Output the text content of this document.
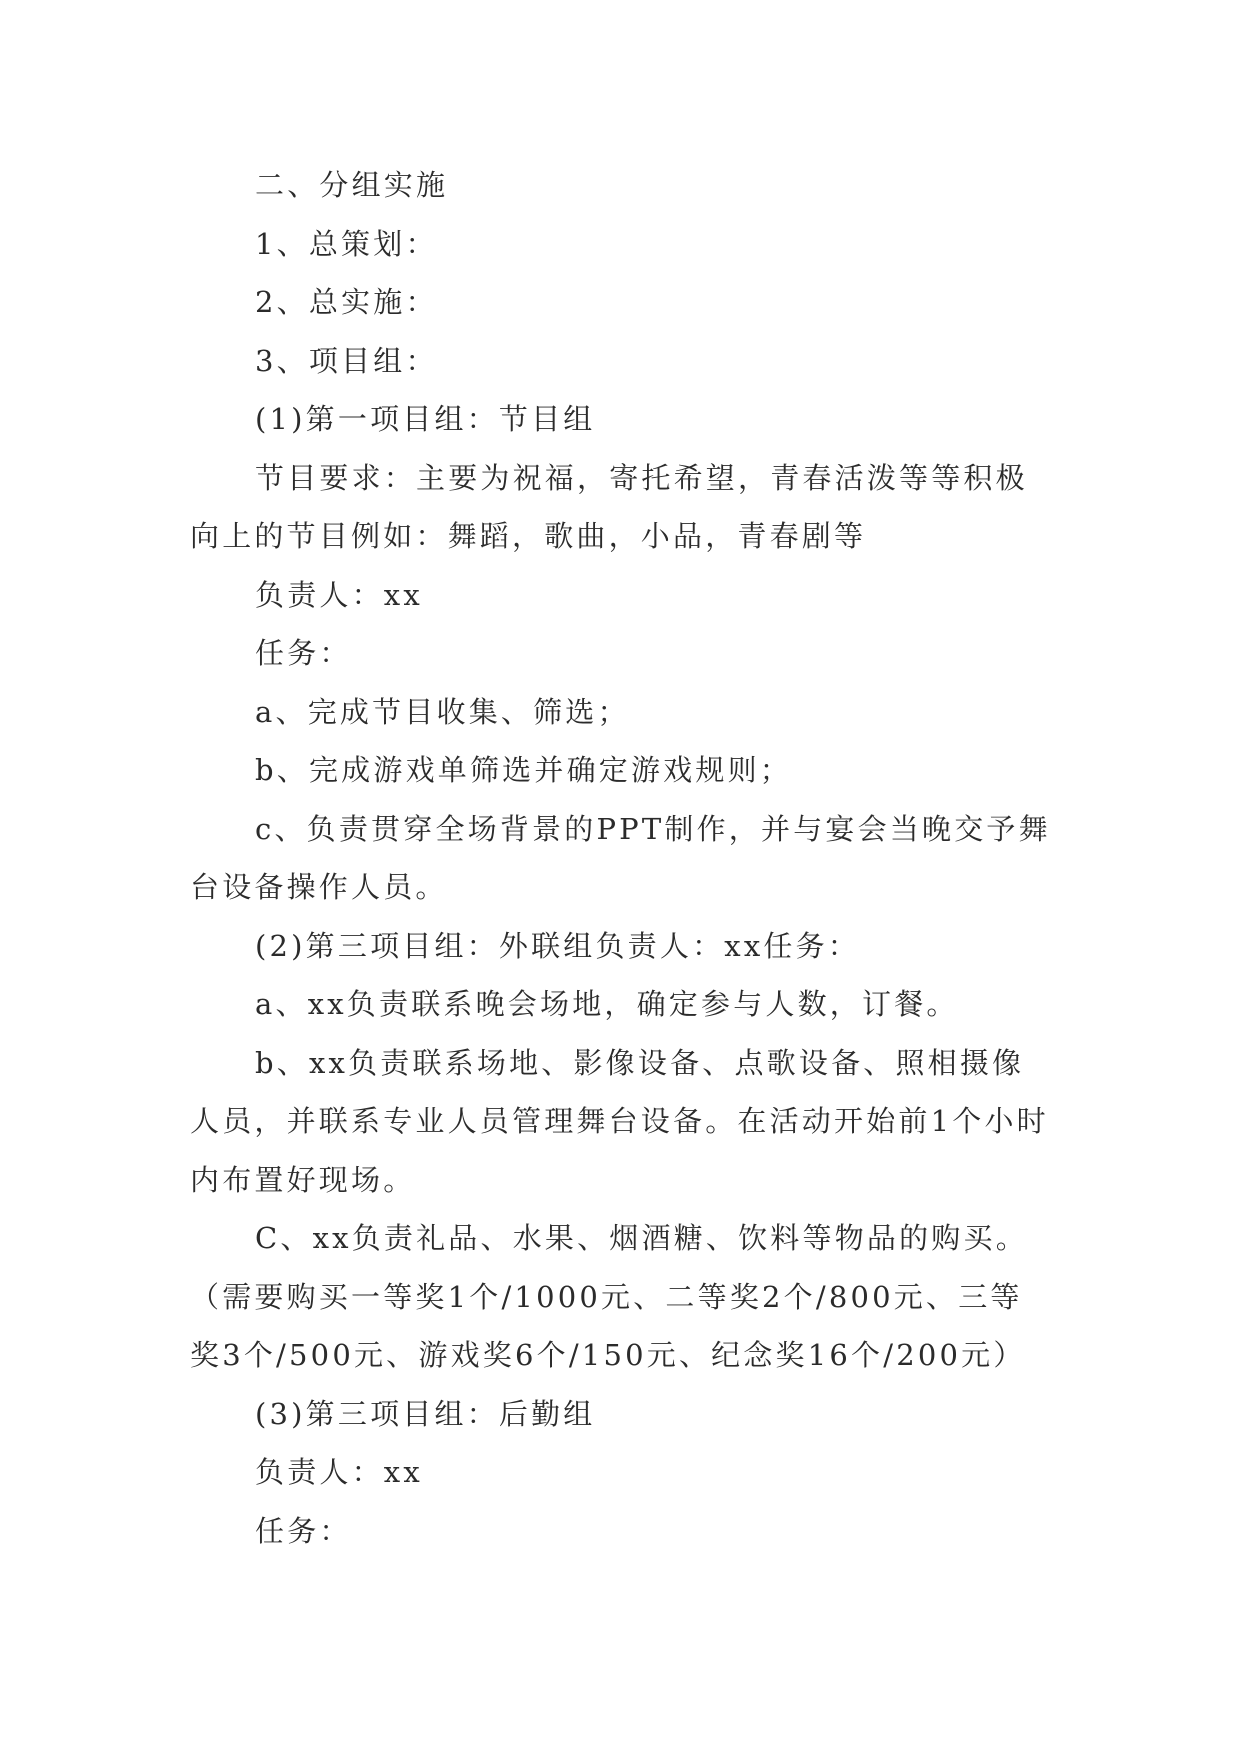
二、分组实施

1、总策划：

2、总实施：

3、项目组：

(1)第一项目组：节目组

节目要求：主要为祝福，寄托希望，青春活泼等等积极向上的节目例如：舞蹈，歌曲，小品，青春剧等

负责人：xx

任务：

a、完成节目收集、筛选；

b、完成游戏单筛选并确定游戏规则；

c、负责贯穿全场背景的PPT制作，并与宴会当晚交予舞台设备操作人员。

(2)第三项目组：外联组负责人：xx任务：

a、xx负责联系晚会场地，确定参与人数，订餐。

b、xx负责联系场地、影像设备、点歌设备、照相摄像人员，并联系专业人员管理舞台设备。在活动开始前1个小时内布置好现场。

C、xx负责礼品、水果、烟酒糖、饮料等物品的购买。（需要购买一等奖1个/1000元、二等奖2个/800元、三等奖3个/500元、游戏奖6个/150元、纪念奖16个/200元）

(3)第三项目组：后勤组

负责人：xx

任务：
